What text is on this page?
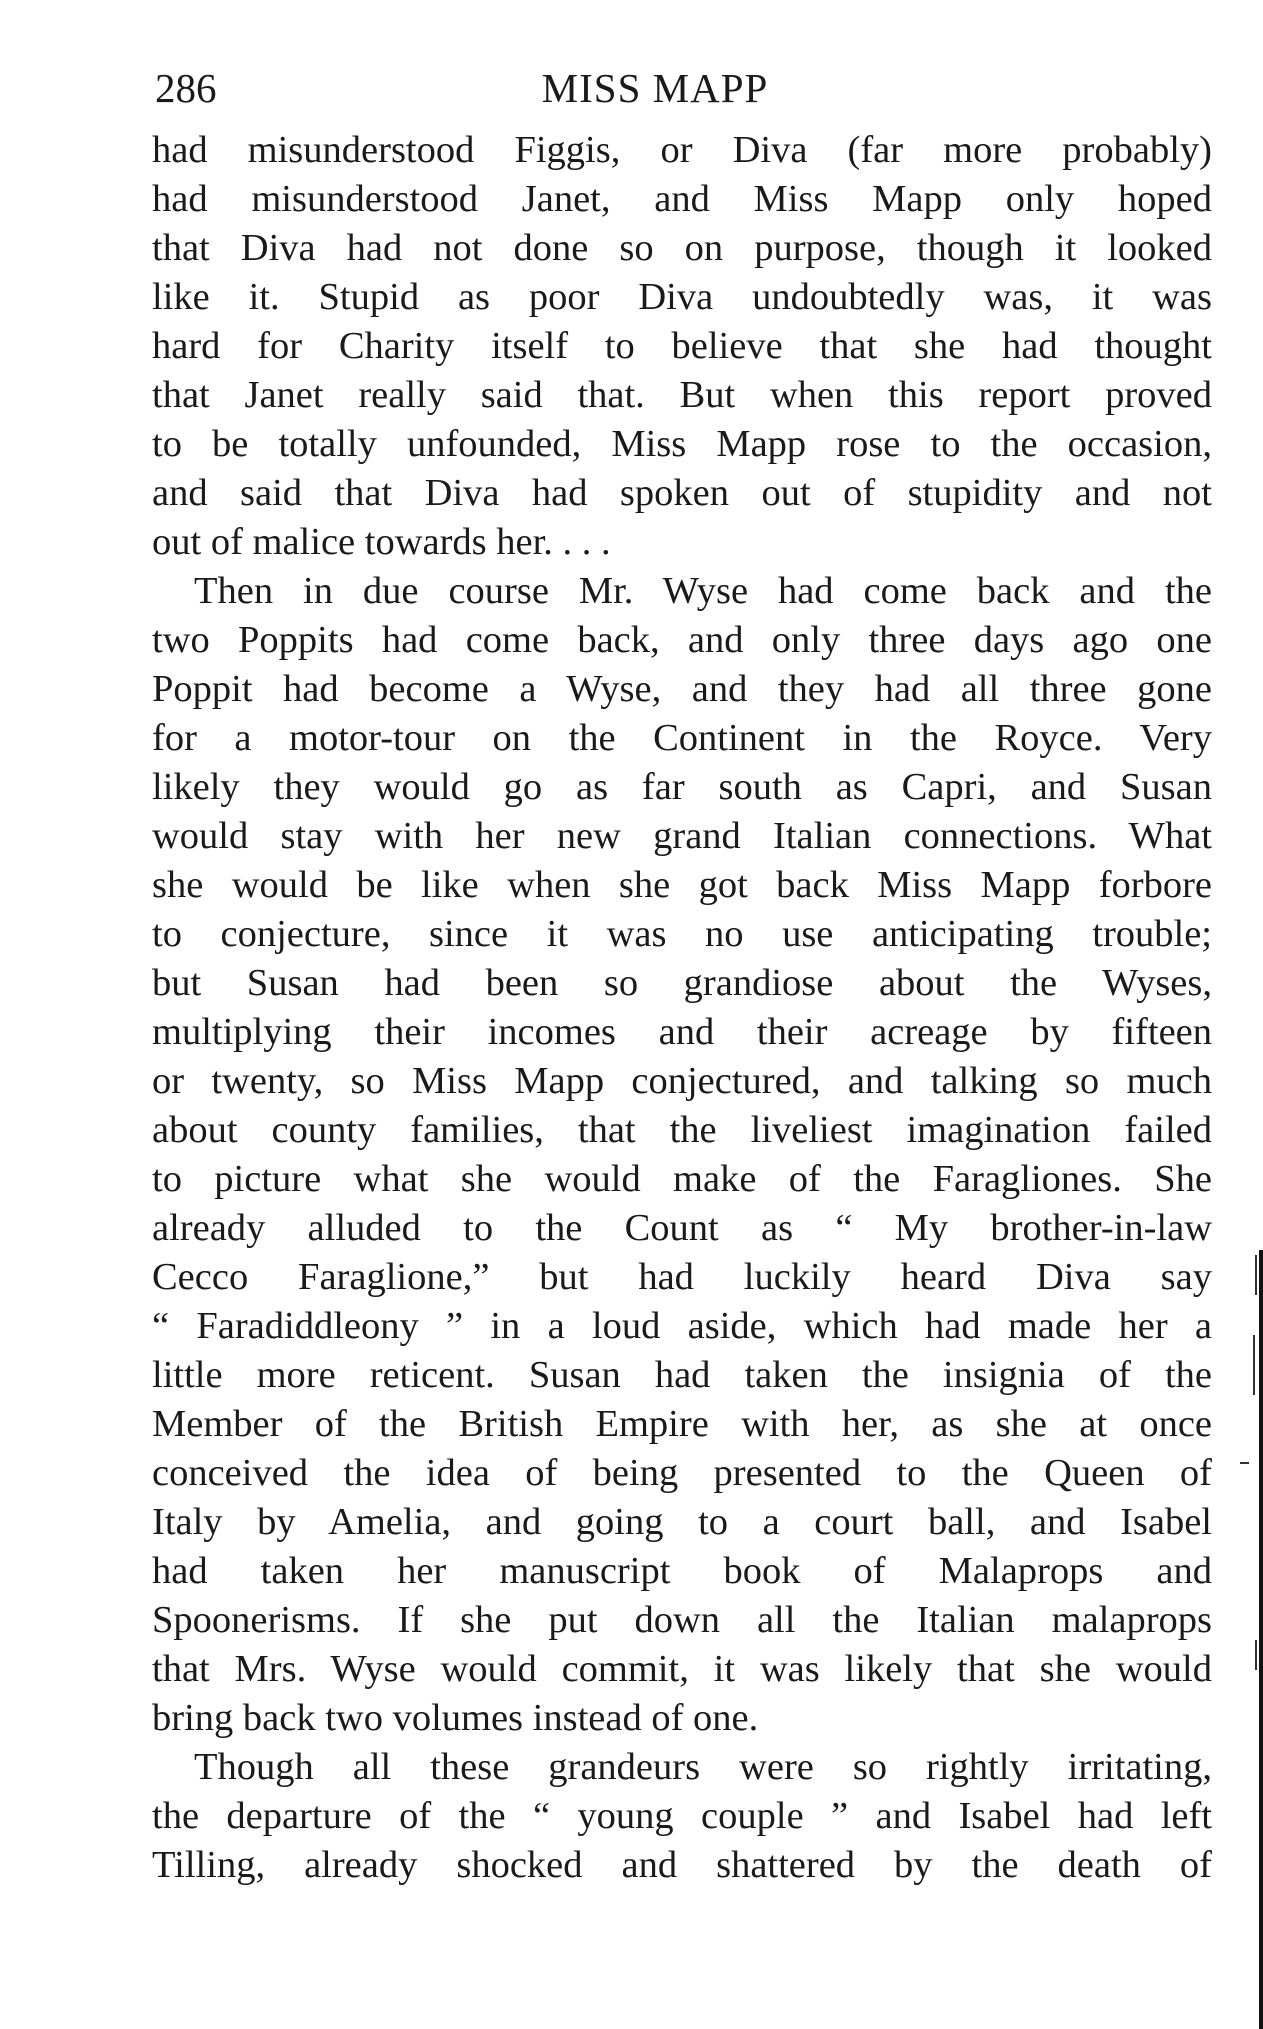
286	MISS MAPP
had misunderstood Figgis, or Diva (far more probably)
had misunderstood Janet, and Miss Mapp only hoped
that Diva had not done so on purpose, though it looked
like it. Stupid as poor Diva undoubtedly was, it was
hard for Charity itself to believe that she had thought
that Janet really said that. But when this report proved
to be totally unfounded, Miss Mapp rose to the occasion,
and said that Diva had spoken out of stupidity and not
out of malice towards her. . . .
Then in due course Mr. Wyse had come back and the
two Poppits had come back, and only three days ago one
Poppit had become a Wyse, and they had all three gone
for a motor-tour on the Continent in the Royce. Very
likely they would go as far south as Capri, and Susan
would stay with her new grand Italian connections. What
she would be like when she got back Miss Mapp forbore
to conjecture, since it was no use anticipating trouble;
but Susan had been so grandiose about the Wyses,
multiplying their incomes and their acreage by fifteen
or twenty, so Miss Mapp conjectured, and talking so much
about county families, that the liveliest imagination failed
to picture what she would make of the Faragliones. She
already alluded to the Count as “ My brother-in-law
Cecco Faraglione,” but had luckily heard Diva say
“ Faradiddleony ” in a loud aside, which had made her a
little more reticent. Susan had taken the insignia of the
Member of the British Empire with her, as she at once
conceived the idea of being presented to the Queen of
Italy by Amelia, and going to a court ball, and Isabel
had taken her manuscript book of Malaprops and
Spoonerisms. If she put down all the Italian malaprops
that Mrs. Wyse would commit, it was likely that she would
bring back two volumes instead of one.
Though all these grandeurs were so rightly irritating,
the departure of the “ young couple ” and Isabel had left
Tilling, already shocked and shattered by the death of
